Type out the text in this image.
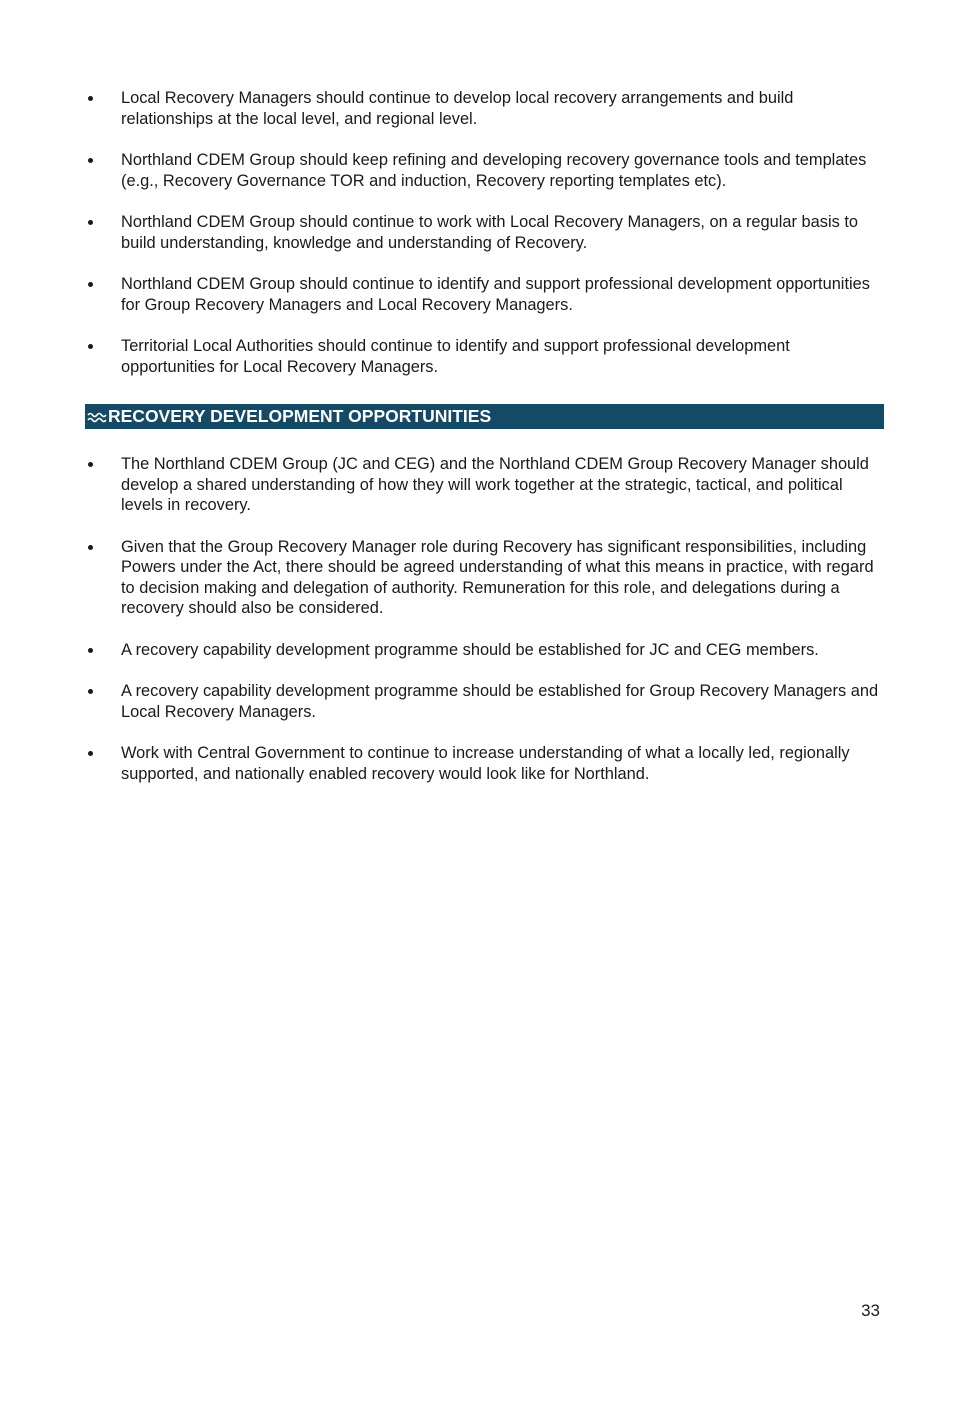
Local Recovery Managers should continue to develop local recovery arrangements and build relationships at the local level, and regional level.
Northland CDEM Group should keep refining and developing recovery governance tools and templates (e.g., Recovery Governance TOR and induction, Recovery reporting templates etc).
Northland CDEM Group should continue to work with Local Recovery Managers, on a regular basis to build understanding, knowledge and understanding of Recovery.
Northland CDEM Group should continue to identify and support professional development opportunities for Group Recovery Managers and Local Recovery Managers.
Territorial Local Authorities should continue to identify and support professional development opportunities for Local Recovery Managers.
RECOVERY DEVELOPMENT OPPORTUNITIES
The Northland CDEM Group (JC and CEG) and the Northland CDEM Group Recovery Manager should develop a shared understanding of how they will work together at the strategic, tactical, and political levels in recovery.
Given that the Group Recovery Manager role during Recovery has significant responsibilities, including Powers under the Act, there should be agreed understanding of what this means in practice, with regard to decision making and delegation of authority. Remuneration for this role, and delegations during a recovery should also be considered.
A recovery capability development programme should be established for JC and CEG members.
A recovery capability development programme should be established for Group Recovery Managers and Local Recovery Managers.
Work with Central Government to continue to increase understanding of what a locally led, regionally supported, and nationally enabled recovery would look like for Northland.
33
